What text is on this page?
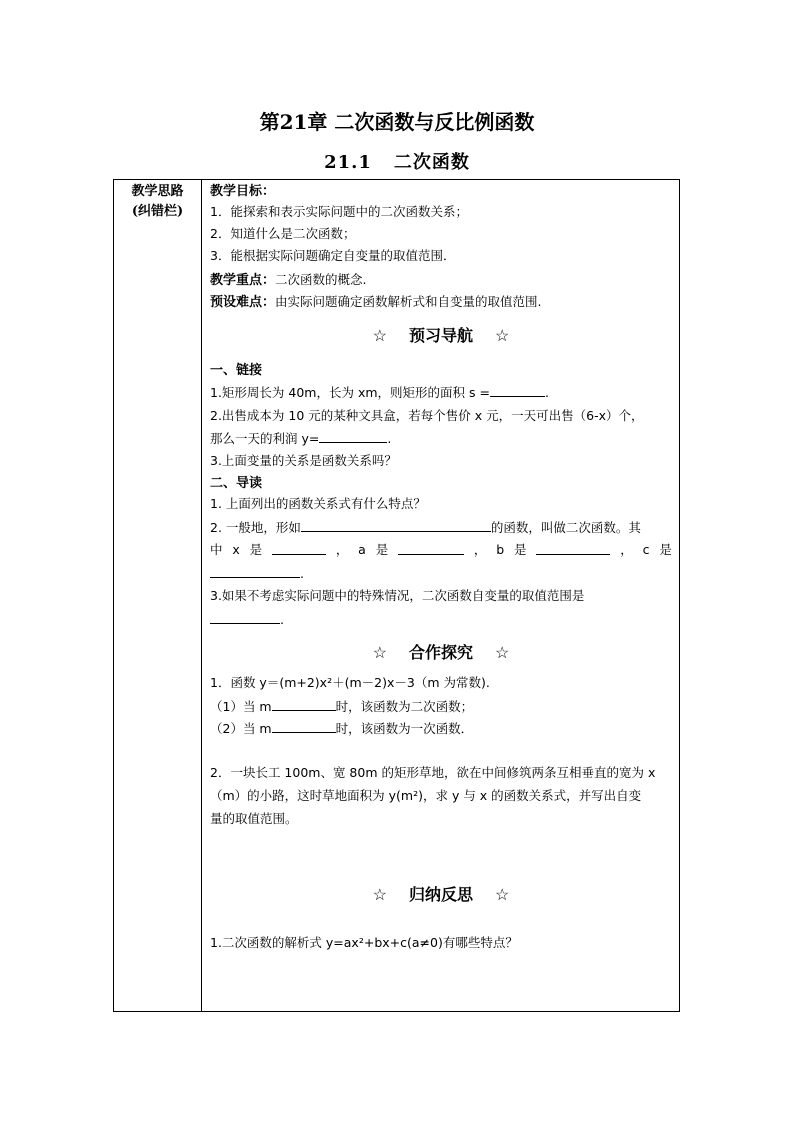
第21章 二次函数与反比例函数
21.1 二次函数
教学思路
(纠错栏)
教学目标：
1．能探索和表示实际问题中的二次函数关系；
2．知道什么是二次函数；
3．能根据实际问题确定自变量的取值范围．
教学重点：二次函数的概念.
预设难点：由实际问题确定函数解析式和自变量的取值范围.
☆ 预习导航 ☆
一、链接
1.矩形周长为 40m，长为 xm，则矩形的面积 s =	.
2.出售成本为 10 元的某种文具盒，若每个售价 x 元，一天可出售（6-x）个，
那么一天的利润 y=	.
3.上面变量的关系是函数关系吗？
二、导读
1. 上面列出的函数关系式有什么特点？
2. 一般地，形如	的函数，叫做二次函数。其
中 x 是	， a 是	， b 是	， c 是
.
3.如果不考虑实际问题中的特殊情况，二次函数自变量的取值范围是
.
☆ 合作探究 ☆
1．函数 y＝(m+2)x²＋(m－2)x－3（m 为常数).
（1）当 m	时，该函数为二次函数；
（2）当 m	时，该函数为一次函数．
2．一块长工 100m、宽 80m 的矩形草地，欲在中间修筑两条互相垂直的宽为 x
（m）的小路，这时草地面积为 y(m²)，求 y 与 x 的函数关系式，并写出自变
量的取值范围。
☆ 归纳反思 ☆
1.二次函数的解析式 y=ax²+bx+c(a≠0)有哪些特点？
